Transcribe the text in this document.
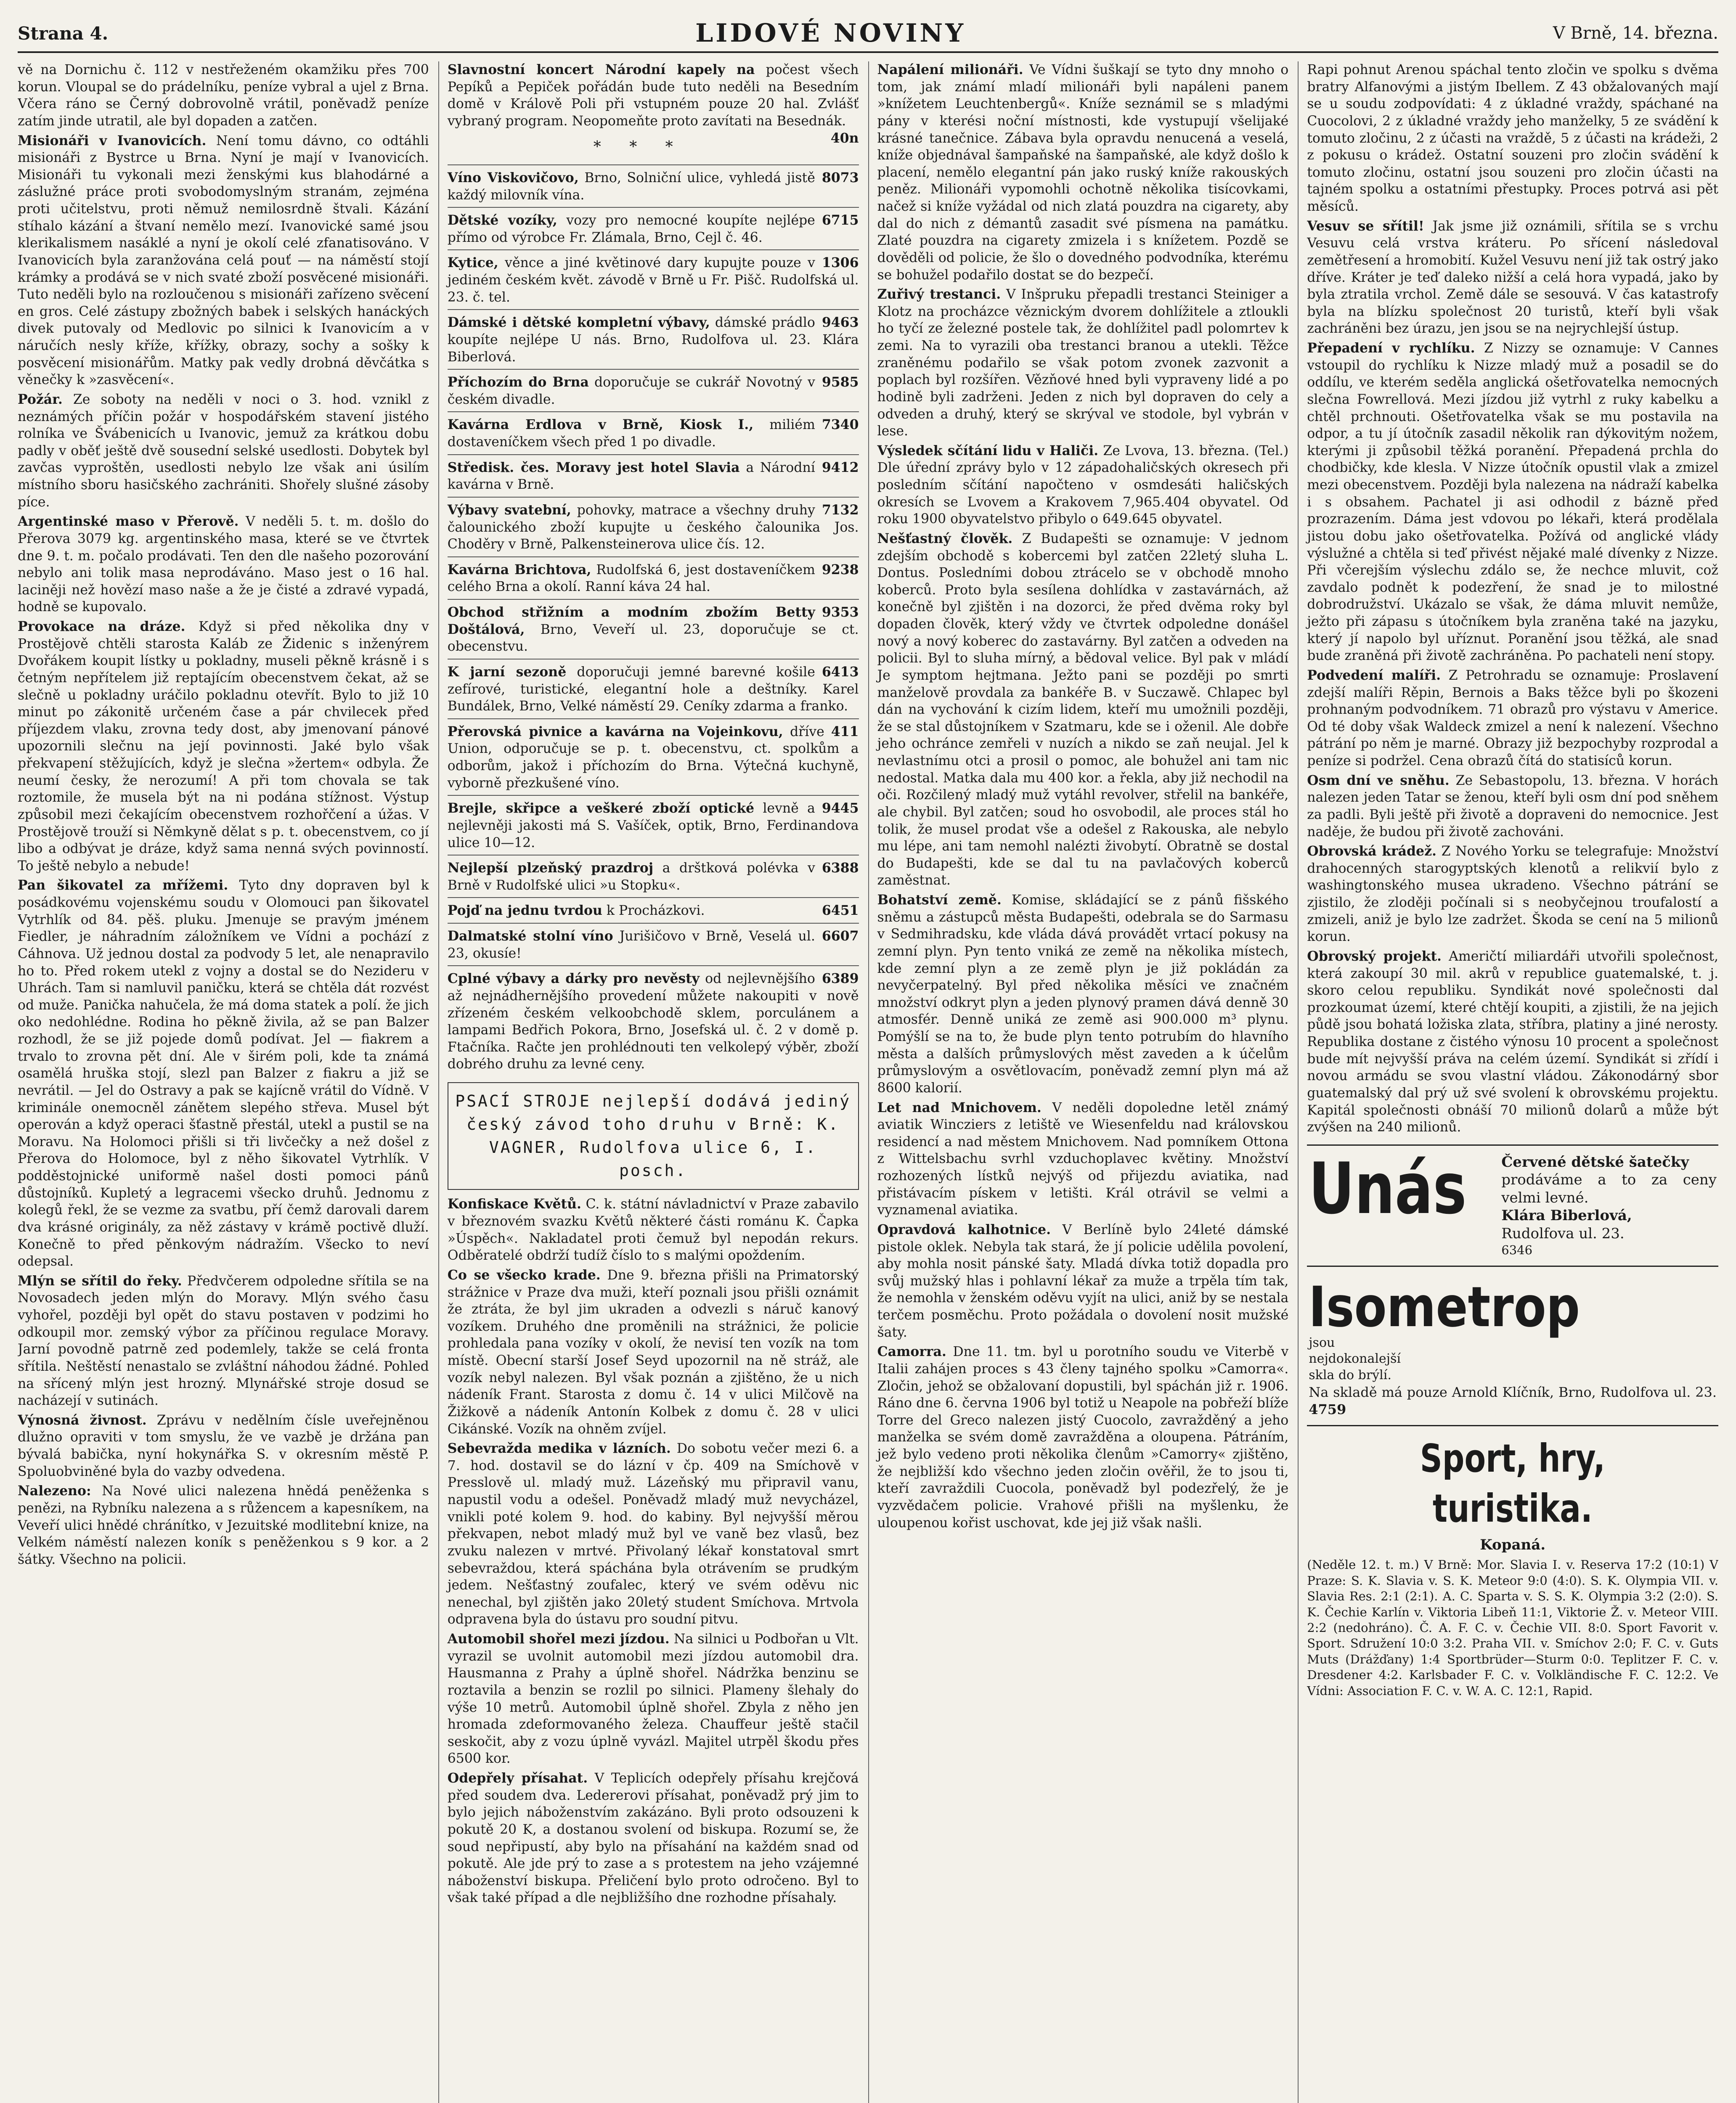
Strana 4.	LIDOVÉ NOVINY	V Brně, 14. března.
vě na Dornichu č. 112 v nestřeženém okamžiku přes 700 korun. Vloupal se do prádelníku, peníze vybral a ujel z Brna. Včera ráno se Černý dobrovolně vrátil, poněvadž peníze zatím jinde utratil, ale byl dopaden a zatčen.
Misionáři v Ivanovicích. Není tomu dávno, co odtáhli misionáři z Bystrce u Brna. Nyní je mají v Ivanovicích. Misionáři tu vykonali mezi ženskými kus blahodárné a záslužné práce proti svobodomyslným stranám, zejména proti učitelstvu, proti němuž nemilosrdně štvali. Kázání stíhalo kázání a štvaní nemělo mezí. Ivanovické samé jsou klerikalismem nasáklé a nyní je okolí celé zfanatisováno. V Ivanovicích byla zaranžována celá pouť — na náměstí stojí krámky a prodává se v nich svaté zboží posvěcené misionáři. Tuto neděli bylo na rozloučenou s misionáři zařízeno svěcení en gros. Celé zástupy zbožných babek i selských hanáckých divek putovaly od Medlovic po silnici k Ivanovicím a v náručích nesly kříže, křížky, obrazy, sochy a sošky k posvěcení misionářům. Matky pak vedly drobná děvčátka s věnečky k »zasvěcení«.
Požár. Ze soboty na neděli v noci o 3. hod. vznikl z neznámých příčin požár v hospodářském stavení jistého rolníka ve Švábenicích u Ivanovic, jemuž za krátkou dobu padly v oběť ještě dvě sousední selské usedlosti. Dobytek byl zavčas vyproštěn, usedlosti nebylo lze však ani úsilím místního sboru hasičského zachrániti. Shořely slušné zásoby píce.
Argentinské maso v Přerově. V neděli 5. t. m. došlo do Přerova 3079 kg. argentinského masa, které se ve čtvrtek dne 9. t. m. počalo prodávati. Ten den dle našeho pozorování nebylo ani tolik masa neprodáváno. Maso jest o 16 hal. laciněji než hovězí maso naše a že je čisté a zdravé vypadá, hodně se kupovalo.
Provokace na dráze. Když si před několika dny v Prostějově chtěli starosta Kaláb ze Židenic s inženýrem Dvořákem koupit lístky u pokladny, museli pěkně krásně i s četným nepřítelem již reptajícím obecenstvem čekat, až se slečně u pokladny uráčilo pokladnu otevřít. Bylo to již 10 minut po zákonitě určeném čase a pár chvilecek před příjezdem vlaku, zrovna tedy dost, aby jmenovaní pánové upozornili slečnu na její povinnosti. Jaké bylo však překvapení stěžujících, když je slečna »žertem« odbyla. Že neumí česky, že nerozumí! A při tom chovala se tak roztomile, že musela být na ni podána stížnost. Výstup způsobil mezi čekajícím obecenstvem rozhořčení a úžas. V Prostějově trouží si Němkyně dělat s p. t. obecenstvem, co jí libo a odbývat je dráze, když sama nenná svých povinností. To ještě nebylo a nebude!
Pan šikovatel za mřížemi. Tyto dny dopraven byl k posádkovému vojenskému soudu v Olomouci pan šikovatel Vytrhlík od 84. pěš. pluku. Jmenuje se pravým jménem Fiedler, je náhradním záložníkem ve Vídni a pochází z Cáhnova. Už jednou dostal za podvody 5 let, ale nenapravilo ho to. Před rokem utekl z vojny a dostal se do Nezideru v Uhrách. Tam si namluvil paničku, která se chtěla dát rozvést od muže. Panička nahučela, že má doma statek a polí. že jich oko nedohlédne. Rodina ho pěkně živila, až se pan Balzer rozhodl, že se již pojede domů podívat. Jel — fiakrem a trvalo to zrovna pět dní. Ale v širém poli, kde ta známá osamělá hruška stojí, slezl pan Balzer z fiakru a již se nevrátil. — Jel do Ostravy a pak se kajícně vrátil do Vídně. V kriminále onemocněl zánětem slepého střeva. Musel být operován a když operaci šťastně přestál, utekl a pustil se na Moravu. Na Holomoci přišli si tři livčečky a než došel z Přerova do Holomoce, byl z něho šikovatel Vytrhlík. V podděstojnické uniformě našel dosti pomoci pánů důstojníků. Kupletý a legracemi všecko druhů. Jednomu z kolegů řekl, že se vezme za svatbu, pří čemž darovali darem dva krásné originály, za něž zástavy v krámě poctivě dluží. Konečně to před pěnkovým nádražím. Všecko to neví odepsal.
Mlýn se sřítil do řeky. Předvčerem odpoledne sřítila se na Novosadech jeden mlýn do Moravy. Mlýn svého času vyhořel, později byl opět do stavu postaven v podzimi ho odkoupil mor. zemský výbor za příčinou regulace Moravy. Jarní povodně patrně zed podemlely, takže se celá fronta sřítila. Neštěstí nenastalo se zvláštní náhodou žádné. Pohled na sřícený mlýn jest hrozný. Mlynářské stroje dosud se nacházejí v sutinách.
Výnosná živnost. Zprávu v nedělním čísle uveřejněnou dlužno opraviti v tom smyslu, že ve vazbě je držána pan bývalá babička, nyní hokynářka S. v okresním městě P. Spoluobviněné byla do vazby odvedena.
Nalezeno: Na Nové ulici nalezena hnědá peněženka s penězi, na Rybníku nalezena a s růžencem a kapesníkem, na Veveří ulici hnědé chránítko, v Jezuitské modlitební knize, na Velkém náměstí nalezen koník s peněženkou s 9 kor. a 2 šátky. Všechno na policii.
Slavnostní koncert Národní kapely na počest všech Pepíků a Pepiček pořádán bude tuto neděli na Besedním domě v Králově Poli při vstupném pouze 20 hal. Zvlášť vybraný program. Neopomeňte proto zavítati na Besednák.
40n
* * *
8073
Víno Viskovičovo, Brno, Solniční ulice, vyhledá jistě každý milovník vína.
6715
Dětské vozíky, vozy pro nemocné koupíte nejlépe přímo od výrobce Fr. Zlámala, Brno, Cejl č. 46.
1306
Kytice, věnce a jiné květinové dary kupujte pouze v jediném českém květ. závodě v Brně u Fr. Pišč. Rudolfská ul. 23. č. tel.
9463
Dámské i dětské kompletní výbavy, dámské prádlo koupíte nejlépe U nás. Brno, Rudolfova ul. 23. Klára Biberlová.
9585
Příchozím do Brna doporučuje se cukrář Novotný v českém divadle.
7340
Kavárna Erdlova v Brně, Kiosk I., miliém dostaveníčkem všech před 1 po divadle.
9412
Středisk. čes. Moravy jest hotel Slavia a Národní kavárna v Brně.
7132
Výbavy svatební, pohovky, matrace a všechny druhy čalounického zboží kupujte u českého čalounika Jos. Choděry v Brně, Palkensteinerova ulice čís. 12.
9238
Kavárna Brichtova, Rudolfská 6, jest dostaveníčkem celého Brna a okolí. Ranní káva 24 hal.
9353
Obchod střižním a modním zbožím Betty Doštálová, Brno, Veveří ul. 23, doporučuje se ct. obecenstvu.
6413
K jarní sezoně doporučuji jemné barevné košile zefírové, turistické, elegantní hole a deštníky. Karel Bundálek, Brno, Velké náměstí 29. Ceníky zdarma a franko.
411
Přerovská pivnice a kavárna na Vojeinkovu, dříve Union, odporučuje se p. t. obecenstvu, ct. spolkům a odborům, jakož i příchozím do Brna. Výtečná kuchyně, vyborně přezkušené víno.
9445
Brejle, skřipce a veškeré zboží optické levně a nejlevněji jakosti má S. Vašíček, optik, Brno, Ferdinandova ulice 10—12.
6388
Nejlepší plzeňský prazdroj a drštková polévka v Brně v Rudolfské ulici »u Stopku«.
6451
Pojď na jednu tvrdou k Procházkovi.
6607
Dalmatské stolní víno Jurišičovo v Brně, Veselá ul. 23, okusíe!
6389
Cplné výbavy a dárky pro nevěsty od nejlevnějšího až nejnádhernějšího provedení můžete nakoupiti v nově zřízeném českém velkoobchodě sklem, porculánem a lampami Bedřich Pokora, Brno, Josefská ul. č. 2 v domě p. Ftačníka. Račte jen prohlédnouti ten velkolepý výběr, zboží dobrého druhu za levné ceny.
PSACÍ STROJE nejlepší dodává jediný český závod toho druhu v Brně: K. VAGNER, Rudolfova ulice 6, I. posch.
Konfiskace Květů. C. k. státní návladnictví v Praze zabavilo v březnovém svazku Květů některé části románu K. Čapka »Úspěch«. Nakladatel proti čemuž byl nepodán rekurs. Odběratelé obdrží tudíž číslo to s malými opoždením.
Co se všecko krade. Dne 9. března přišli na Primatorský strážnice v Praze dva muži, kteří poznali jsou přišli oznámit že ztráta, že byl jim ukraden a odvezli s náruč kanový vozíkem. Druhého dne proměnili na strážnici, že policie prohledala pana vozíky v okolí, že nevisí ten vozík na tom místě. Obecní starší Josef Seyd upozornil na ně stráž, ale vozík nebyl nalezen. Byl však poznán a zjištěno, že u nich nádeník Frant. Starosta z domu č. 14 v ulici Milčově na Žižkově a nádeník Antonín Kolbek z domu č. 28 v ulici Cikánské. Vozík na ohněm zvíjel.
Sebevražda medika v lázních. Do sobotu večer mezi 6. a 7. hod. dostavil se do lázní v čp. 409 na Smíchově v Presslově ul. mladý muž. Lázeňský mu připravil vanu, napustil vodu a odešel. Poněvadž mladý muž nevycházel, vnikli poté kolem 9. hod. do kabiny. Byl nejvyšší měrou překvapen, nebot mladý muž byl ve vaně bez vlasů, bez zvuku nalezen v mrtvé. Přivolaný lékař konstatoval smrt sebevraždou, která spáchána byla otrávením se prudkým jedem. Nešťastný zoufalec, který ve svém oděvu nic nenechal, byl zjištěn jako 20letý student Smíchova. Mrtvola odpravena byla do ústavu pro soudní pitvu.
Automobil shořel mezi jízdou. Na silnici u Podbořan u Vlt. vyrazil se uvolnit automobil mezi jízdou automobil dra. Hausmanna z Prahy a úplně shořel. Nádržka benzinu se roztavila a benzin se rozlil po silnici. Plameny šlehaly do výše 10 metrů. Automobil úplně shořel. Zbyla z něho jen hromada zdeformovaného železa. Chauffeur ještě stačil seskočit, aby z vozu úplně vyvázl. Majitel utrpěl škodu přes 6500 kor.
Odepřely přísahat. V Teplicích odepřely přísahu krejčová před soudem dva. Ledererovi přísahat, poněvadž prý jim to bylo jejich náboženstvím zakázáno. Byli proto odsouzeni k pokutě 20 K, a dostanou svolení od biskupa. Rozumí se, že soud nepřipustí, aby bylo na přísahání na každém snad od pokutě. Ale jde prý to zase a s protestem na jeho vzájemné náboženství biskupa. Přeličení bylo proto odročeno. Byl to však také případ a dle nejbližšího dne rozhodne přísahaly.
Napálení milionáři. Ve Vídni šuškají se tyto dny mnoho o tom, jak známí mladí milionáři byli napáleni panem »knížetem Leuchtenbergů«. Kníže seznámil se s mladými pány v kterési noční místnosti, kde vystupují všelijaké krásné tanečnice. Zábava byla opravdu nenucená a veselá, kníže objednával šampaňské na šampaňské, ale když došlo k placení, nemělo elegantní pán jako ruský kníže rakouských peněz. Milionáři vypomohli ochotně několika tisícovkami, načež si kníže vyžádal od nich zlatá pouzdra na cigarety, aby dal do nich z démantů zasadit své písmena na památku. Zlaté pouzdra na cigarety zmizela i s knížetem. Pozdě se dověděli od policie, že šlo o dovedného podvodníka, kterému se bohužel podařilo dostat se do bezpečí.
Zuřivý trestanci. V Inšpruku přepadli trestanci Steiniger a Klotz na procházce věznickým dvorem dohlížitele a ztloukli ho tyčí ze železné postele tak, že dohlížitel padl polomrtev k zemi. Na to vyrazili oba trestanci branou a utekli. Těžce zraněnému podařilo se však potom zvonek zazvonit a poplach byl rozšířen. Vězňové hned byli vypraveny lidé a po hodině byli zadrženi. Jeden z nich byl dopraven do cely a odveden a druhý, který se skrýval ve stodole, byl vybrán v lese.
Výsledek sčítání lidu v Haliči. Ze Lvova, 13. března. (Tel.) Dle úřední zprávy bylo v 12 západohaličských okresech při posledním sčítání napočteno v osmdesáti haličských okresích se Lvovem a Krakovem 7,965.404 obyvatel. Od roku 1900 obyvatelstvo přibylo o 649.645 obyvatel.
Nešťastný člověk. Z Budapešti se oznamuje: V jednom zdejším obchodě s kobercemi byl zatčen 22letý sluha L. Dontus. Posledními dobou ztrácelo se v obchodě mnoho koberců. Proto byla sesílena dohlídka v zastavárnách, až konečně byl zjištěn i na dozorci, že před dvěma roky byl dopaden člověk, který vždy ve čtvrtek odpoledne donášel nový a nový koberec do zastavárny. Byl zatčen a odveden na policii. Byl to sluha mírný, a bědoval velice. Byl pak v mládí Je symptom hejtmana. Ježto pani se později po smrti manželově provdala za bankéře B. v Suczawě. Chlapec byl dán na vychování k cizím lidem, kteří mu umožnili později, že se stal důstojníkem v Szatmaru, kde se i oženil. Ale dobře jeho ochránce zemřeli v nuzích a nikdo se zaň neujal. Jel k nevlastnímu otci a prosil o pomoc, ale bohužel ani tam nic nedostal. Matka dala mu 400 kor. a řekla, aby již nechodil na oči. Rozčilený mladý muž vytáhl revolver, střelil na bankéře, ale chybil. Byl zatčen; soud ho osvobodil, ale proces stál ho tolik, že musel prodat vše a odešel z Rakouska, ale nebylo mu lépe, ani tam nemohl nalézti živobytí. Obratně se dostal do Budapešti, kde se dal tu na pavlačových koberců zaměstnat.
Bohatství země. Komise, skládající se z pánů fišského sněmu a zástupců města Budapešti, odebrala se do Sarmasu v Sedmihradsku, kde vláda dává provádět vrtací pokusy na zemní plyn. Pyn tento vniká ze země na několika místech, kde zemní plyn a ze země plyn je již pokládán za nevyčerpatelný. Byl před několika měsíci ve značném množství odkryt plyn a jeden plynový pramen dává denně 30 atmosfér. Denně uniká ze země asi 900.000 m³ plynu. Pomýšlí se na to, že bude plyn tento potrubím do hlavního města a dalších průmyslových měst zaveden a k účelům průmyslovým a osvětlovacím, poněvadž zemní plyn má až 8600 kalorií.
Let nad Mnichovem. V neděli dopoledne letěl známý aviatik Wincziers z letiště ve Wiesenfeldu nad královskou residencí a nad městem Mnichovem. Nad pomníkem Ottona z Wittelsbachu svrhl vzduchoplavec květiny. Množství rozhozených lístků nejvýš od přijezdu aviatika, nad přistávacím pískem v letišti. Král otrávil se velmi a vyznamenal aviatika.
Opravdová kalhotnice. V Berlíně bylo 24leté dámské pistole oklek. Nebyla tak stará, že jí policie udělila povolení, aby mohla nosit pánské šaty. Mladá dívka totiž dopadla pro svůj mužský hlas i pohlavní lékař za muže a trpěla tím tak, že nemohla v ženském oděvu vyjít na ulici, aniž by se nestala terčem posměchu. Proto požádala o dovolení nosit mužské šaty.
Camorra. Dne 11. tm. byl u porotního soudu ve Viterbě v Italii zahájen proces s 43 členy tajného spolku »Camorra«. Zločin, jehož se obžalovaní dopustili, byl spáchán již r. 1906. Ráno dne 6. června 1906 byl totiž u Neapole na pobřeží blíže Torre del Greco nalezen jistý Cuocolo, zavražděný a jeho manželka se svém domě zavražděna a oloupena. Pátráním, jež bylo vedeno proti několika členům »Camorry« zjištěno, že nejbližší kdo všechno jeden zločin ověřil, že to jsou ti, kteří zavraždili Cuocola, poněvadž byl podezřelý, že je vyzvědačem policie. Vrahové přišli na myšlenku, že uloupenou kořist uschovat, kde jej již však našli.
Rapi pohnut Arenou spáchal tento zločin ve spolku s dvěma bratry Alfanovými a jistým Ibellem. Z 43 obžalovaných mají se u soudu zodpovídati: 4 z úkladné vraždy, spáchané na Cuocolovi, 2 z úkladné vraždy jeho manželky, 5 ze svádění k tomuto zločinu, 2 z účasti na vraždě, 5 z účasti na krádeži, 2 z pokusu o krádež. Ostatní souzeni pro zločin svádění k tomuto zločinu, ostatní jsou souzeni pro zločin účasti na tajném spolku a ostatními přestupky. Proces potrvá asi pět měsíců.
Vesuv se sřítil! Jak jsme již oznámili, sřítila se s vrchu Vesuvu celá vrstva kráteru. Po sřícení následoval zemětřesení a hromobití. Kužel Vesuvu není již tak ostrý jako dříve. Kráter je teď daleko nižší a celá hora vypadá, jako by byla ztratila vrchol. Země dále se sesouvá. V čas katastrofy byla na blízku společnost 20 turistů, kteří byli však zachráněni bez úrazu, jen jsou se na nejrychlejší ústup.
Přepadení v rychlíku. Z Nizzy se oznamuje: V Cannes vstoupil do rychlíku k Nizze mladý muž a posadil se do oddílu, ve kterém seděla anglická ošetřovatelka nemocných slečna Fowrellová. Mezi jízdou již vytrhl z ruky kabelku a chtěl prchnouti. Ošetřovatelka však se mu postavila na odpor, a tu jí útočník zasadil několik ran dýkovitým nožem, kterými ji způsobil těžká poranění. Přepadená prchla do chodbičky, kde klesla. V Nizze útočník opustil vlak a zmizel mezi obecenstvem. Později byla nalezena na nádraží kabelka i s obsahem. Pachatel ji asi odhodil z bázně před prozrazením. Dáma jest vdovou po lékaři, která prodělala jistou dobu jako ošetřovatelka. Požívá od anglické vlády výslužné a chtěla si teď přivést nějaké malé dívenky z Nizze. Při včerejším výslechu zdálo se, že nechce mluvit, což zavdalo podnět k podezření, že snad je to milostné dobrodružství. Ukázalo se však, že dáma mluvit nemůže, ježto při zápasu s útočníkem byla zraněna také na jazyku, který jí napolo byl uříznut. Poranění jsou těžká, ale snad bude zraněná při životě zachráněna. Po pachateli není stopy.
Podvedení malíři. Z Petrohradu se oznamuje: Proslavení zdejší malíři Rěpin, Bernois a Baks těžce byli po škozeni prohnaným podvodníkem. 71 obrazů pro výstavu v Americe. Od té doby však Waldeck zmizel a není k nalezení. Všechno pátrání po něm je marné. Obrazy již bezpochyby rozprodal a peníze si podržel. Cena obrazů čítá do statisíců korun.
Osm dní ve sněhu. Ze Sebastopolu, 13. března. V horách nalezen jeden Tatar se ženou, kteří byli osm dní pod sněhem za padli. Byli ještě při životě a dopraveni do nemocnice. Jest naděje, že budou při životě zachováni.
Obrovská krádež. Z Nového Yorku se telegrafuje: Množství drahocenných starogyptských klenotů a relikvií bylo z washingtonského musea ukradeno. Všechno pátrání se zjistilo, že zloději počínali si s neobyčejnou troufalostí a zmizeli, aniž je bylo lze zadržet. Škoda se cení na 5 milionů korun.
Obrovský projekt. Američtí miliardáři utvořili společnost, která zakoupí 30 mil. akrů v republice guatemalské, t. j. skoro celou republiku. Syndikát nové společnosti dal prozkoumat území, které chtějí koupiti, a zjistili, že na jejich půdě jsou bohatá ložiska zlata, stříbra, platiny a jiné nerosty. Republika dostane z čistého výnosu 10 procent a společnost bude mít nejvyšší práva na celém území. Syndikát si zřídí i novou armádu se svou vlastní vládou. Zákonodárný sbor guatemalský dal prý už své svolení k obrovskému projektu. Kapitál společnosti obnáší 70 milionů dolarů a může být zvýšen na 240 milionů.
Unás Červené dětské šatečky
prodáváme a to za ceny velmi levné.
Klára Biberlová,
Rudolfova ul. 23.
6346
Isometrop jsou nejdokonalejší skla do brýlí.
Na skladě má pouze Arnold Klíčník, Brno, Rudolfova ul. 23. 4759
Sport, hry, turistika.
Kopaná.
(Neděle 12. t. m.) V Brně: Mor. Slavia I. v. Reserva 17:2 (10:1) V Praze: S. K. Slavia v. S. K. Meteor 9:0 (4:0). S. K. Olympia VII. v. Slavia Res. 2:1 (2:1). A. C. Sparta v. S. S. K. Olympia 3:2 (2:0). S. K. Čechie Karlín v. Viktoria Libeň 11:1, Viktorie Ž. v. Meteor VIII. 2:2 (nedohráno). Č. A. F. C. v. Čechie VII. 8:0. Sport Favorit v. Sport. Sdružení 10:0 3:2. Praha VII. v. Smíchov 2:0; F. C. v. Guts Muts (Drážďany) 1:4 Sportbrüder—Sturm 0:0. Teplitzer F. C. v. Dresdener 4:2. Karlsbader F. C. v. Volkländische F. C. 12:2. Ve Vídni: Association F. C. v. W. A. C. 12:1, Rapid.
